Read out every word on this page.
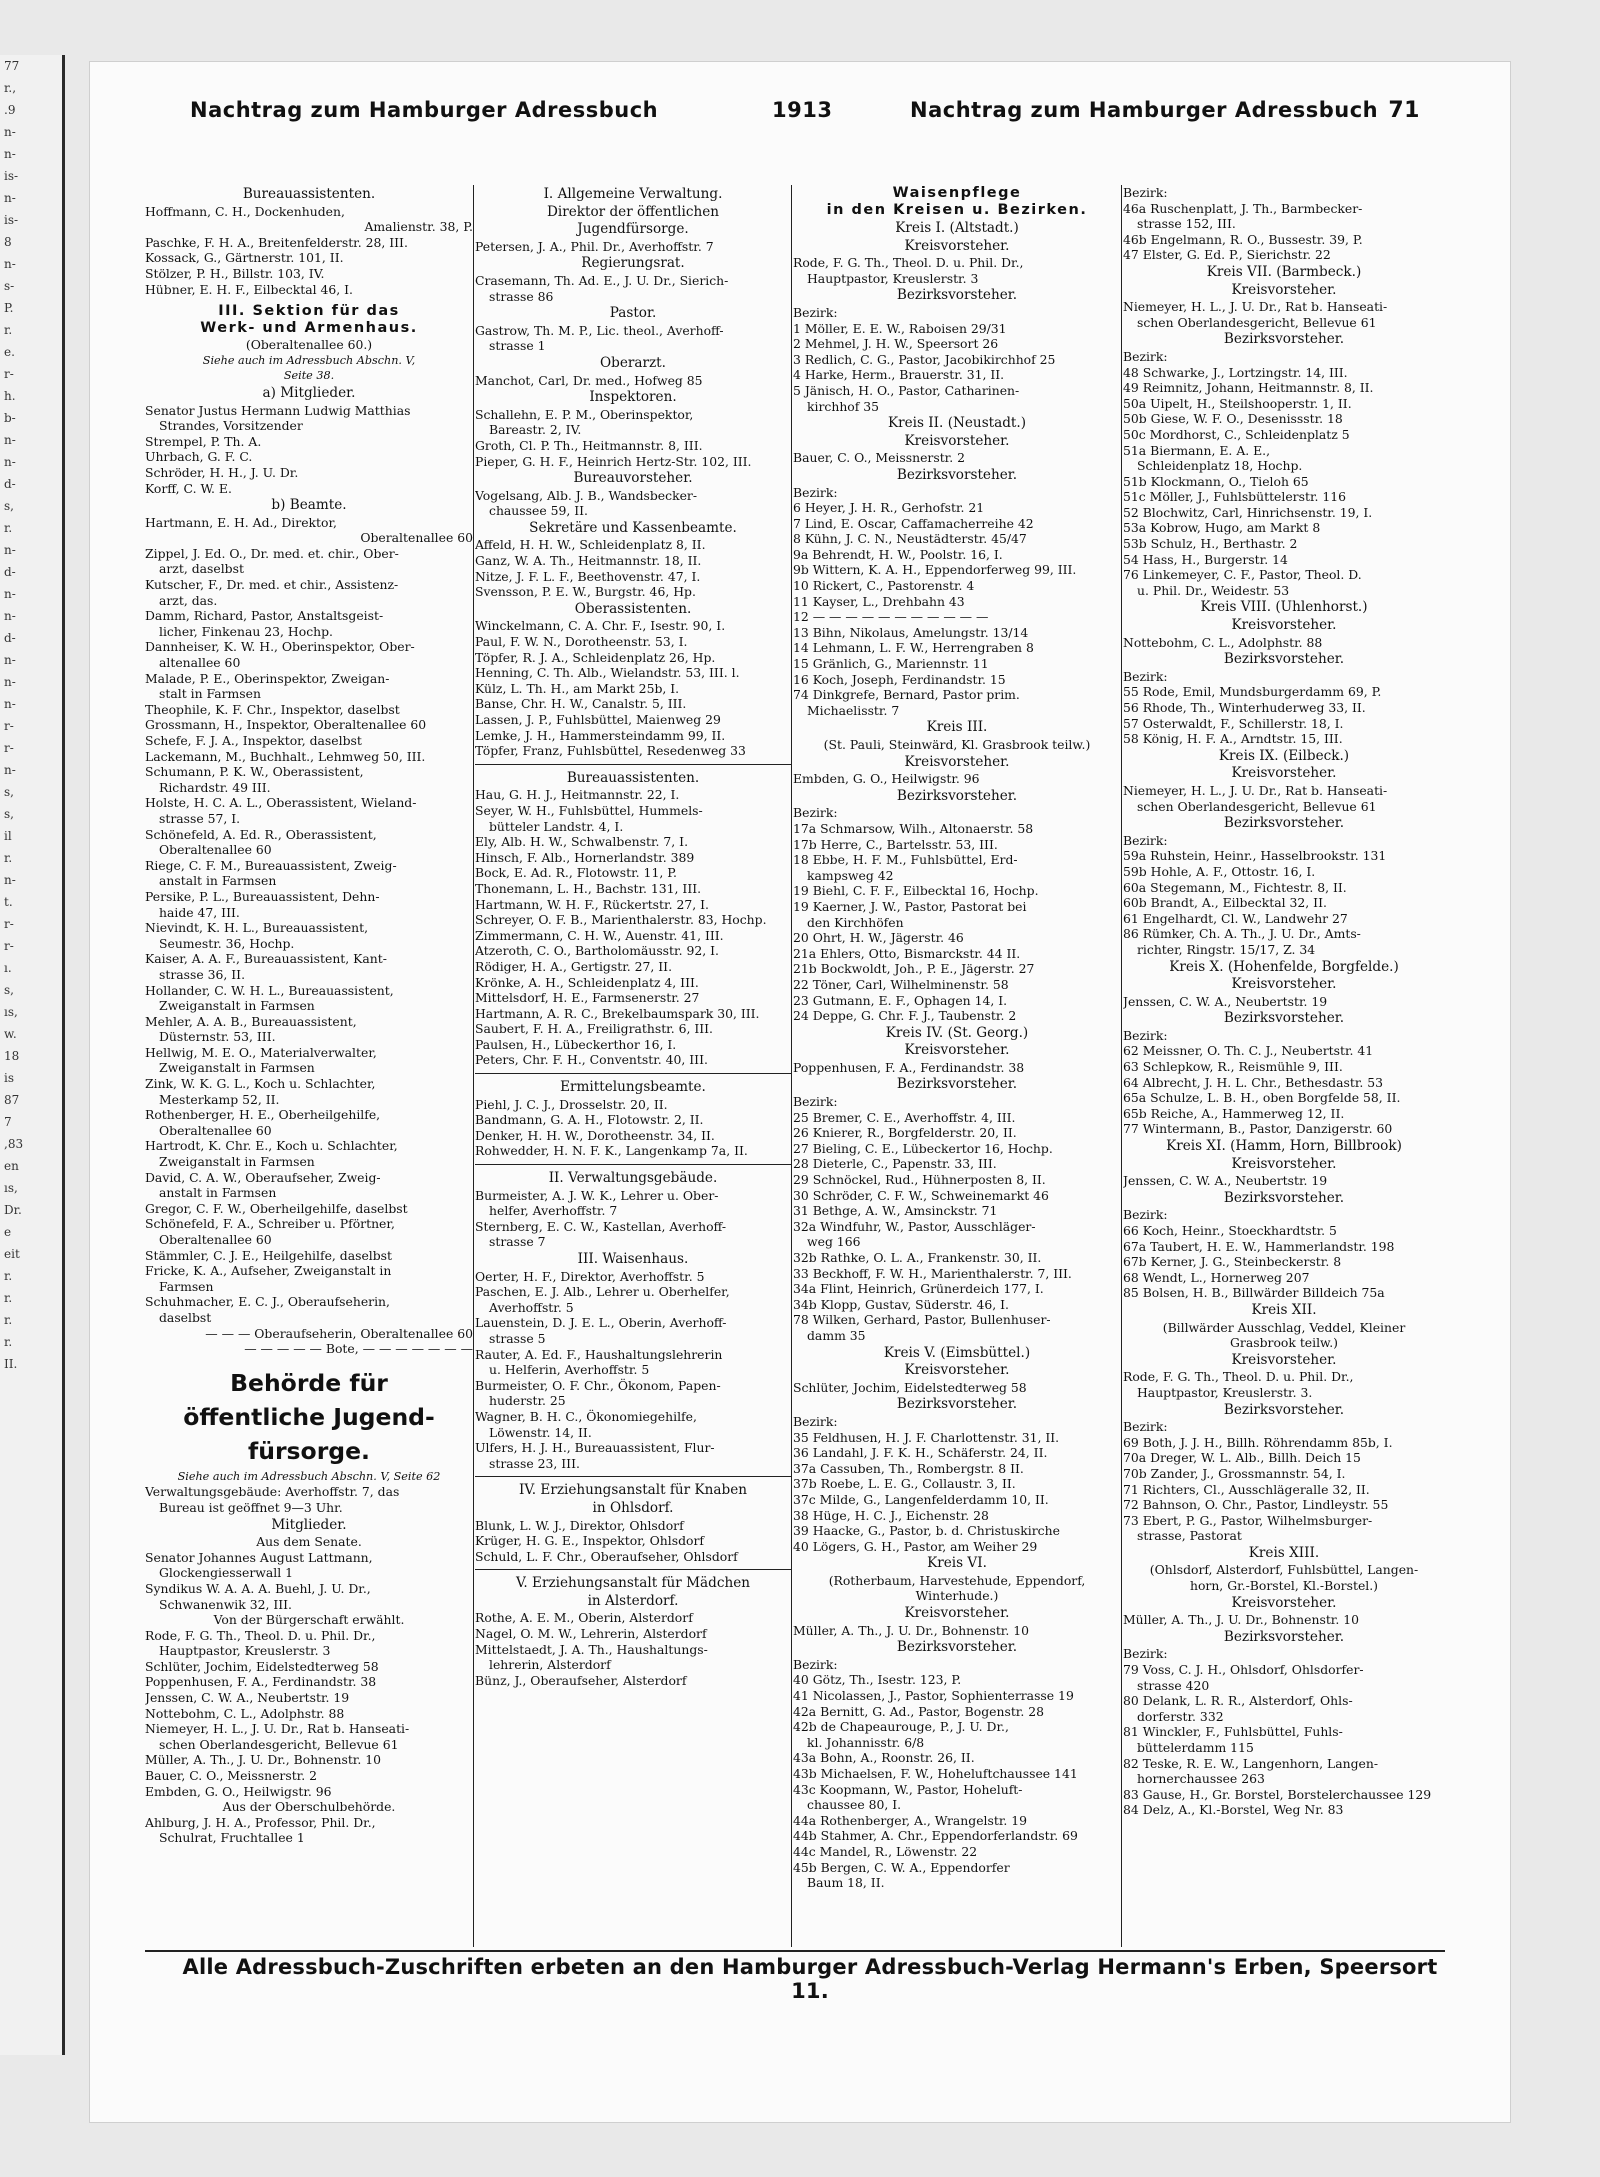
77
r.,
.9
n-
n-
is-
n-
is-
8
n-
s-
P.
r.
e.
r-
h.
b-
n-
n-
d-
s,
r.
n-
d-
n-
n-
d-
n-
n-
n-
r-
r-
n-
s,
s,
il
r.
n-
t.
r-
r-
ı.
s,
ıs,
w.
18
is
87
7
,83
en
ıs,
Dr.
e
eit
r.
r.
r.
r.
II.
Nachtrag zum Hamburger Adressbuch	1913	Nachtrag zum Hamburger Adressbuch 71
Bureauassistenten.
Hoffmann, C. H., Dockenhuden,
Amalienstr. 38, P.
Paschke, F. H. A., Breitenfelderstr. 28, III.
Kossack, G., Gärtnerstr. 101, II.
Stölzer, P. H., Billstr. 103, IV.
Hübner, E. H. F., Eilbecktal 46, I.
III. Sektion für das
Werk- und Armenhaus.
(Oberaltenallee 60.)
Siehe auch im Adressbuch Abschn. V,
Seite 38.
a) Mitglieder.
Senator Justus Hermann Ludwig Matthias
Strandes, Vorsitzender
Strempel, P. Th. A.
Uhrbach, G. F. C.
Schröder, H. H., J. U. Dr.
Korff, C. W. E.
b) Beamte.
Hartmann, E. H. Ad., Direktor,
Oberaltenallee 60
Zippel, J. Ed. O., Dr. med. et. chir., Ober-
arzt, daselbst
Kutscher, F., Dr. med. et chir., Assistenz-
arzt, das.
Damm, Richard, Pastor, Anstaltsgeist-
licher, Finkenau 23, Hochp.
Dannheiser, K. W. H., Oberinspektor, Ober-
altenallee 60
Malade, P. E., Oberinspektor, Zweigan-
stalt in Farmsen
Theophile, K. F. Chr., Inspektor, daselbst
Grossmann, H., Inspektor, Oberaltenallee 60
Schefe, F. J. A., Inspektor, daselbst
Lackemann, M., Buchhalt., Lehmweg 50, III.
Schumann, P. K. W., Oberassistent,
Richardstr. 49 III.
Holste, H. C. A. L., Oberassistent, Wieland-
strasse 57, I.
Schönefeld, A. Ed. R., Oberassistent,
Oberaltenallee 60
Riege, C. F. M., Bureauassistent, Zweig-
anstalt in Farmsen
Persike, P. L., Bureauassistent, Dehn-
haide 47, III.
Nievindt, K. H. L., Bureauassistent,
Seumestr. 36, Hochp.
Kaiser, A. A. F., Bureauassistent, Kant-
strasse 36, II.
Hollander, C. W. H. L., Bureauassistent,
Zweiganstalt in Farmsen
Mehler, A. A. B., Bureauassistent,
Düsternstr. 53, III.
Hellwig, M. E. O., Materialverwalter,
Zweiganstalt in Farmsen
Zink, W. K. G. L., Koch u. Schlachter,
Mesterkamp 52, II.
Rothenberger, H. E., Oberheilgehilfe,
Oberaltenallee 60
Hartrodt, K. Chr. E., Koch u. Schlachter,
Zweiganstalt in Farmsen
David, C. A. W., Oberaufseher, Zweig-
anstalt in Farmsen
Gregor, C. F. W., Oberheilgehilfe, daselbst
Schönefeld, F. A., Schreiber u. Pförtner,
Oberaltenallee 60
Stämmler, C. J. E., Heilgehilfe, daselbst
Fricke, K. A., Aufseher, Zweiganstalt in
Farmsen
Schuhmacher, E. C. J., Oberaufseherin,
daselbst
— — — Oberaufseherin, Oberaltenallee 60
— — — — — Bote, — — — — — — —
Behörde für
öffentliche Jugend-
fürsorge.
Siehe auch im Adressbuch Abschn. V, Seite 62
Verwaltungsgebäude: Averhoffstr. 7, das
Bureau ist geöffnet 9—3 Uhr.
Mitglieder.
Aus dem Senate.
Senator Johannes August Lattmann,
Glockengiesserwall 1
Syndikus W. A. A. A. Buehl, J. U. Dr.,
Schwanenwik 32, III.
Von der Bürgerschaft erwählt.
Rode, F. G. Th., Theol. D. u. Phil. Dr.,
Hauptpastor, Kreuslerstr. 3
Schlüter, Jochim, Eidelstedterweg 58
Poppenhusen, F. A., Ferdinandstr. 38
Jenssen, C. W. A., Neubertstr. 19
Nottebohm, C. L., Adolphstr. 88
Niemeyer, H. L., J. U. Dr., Rat b. Hanseati-
schen Oberlandesgericht, Bellevue 61
Müller, A. Th., J. U. Dr., Bohnenstr. 10
Bauer, C. O., Meissnerstr. 2
Embden, G. O., Heilwigstr. 96
Aus der Oberschulbehörde.
Ahlburg, J. H. A., Professor, Phil. Dr.,
Schulrat, Fruchtallee 1
I. Allgemeine Verwaltung.
Direktor der öffentlichen
Jugendfürsorge.
Petersen, J. A., Phil. Dr., Averhoffstr. 7
Regierungsrat.
Crasemann, Th. Ad. E., J. U. Dr., Sierich-
strasse 86
Pastor.
Gastrow, Th. M. P., Lic. theol., Averhoff-
strasse 1
Oberarzt.
Manchot, Carl, Dr. med., Hofweg 85
Inspektoren.
Schallehn, E. P. M., Oberinspektor,
Bareastr. 2, IV.
Groth, Cl. P. Th., Heitmannstr. 8, III.
Pieper, G. H. F., Heinrich Hertz-Str. 102, III.
Bureauvorsteher.
Vogelsang, Alb. J. B., Wandsbecker-
chaussee 59, II.
Sekretäre und Kassenbeamte.
Affeld, H. H. W., Schleidenplatz 8, II.
Ganz, W. A. Th., Heitmannstr. 18, II.
Nitze, J. F. L. F., Beethovenstr. 47, I.
Svensson, P. E. W., Burgstr. 46, Hp.
Oberassistenten.
Winckelmann, C. A. Chr. F., Isestr. 90, I.
Paul, F. W. N., Dorotheenstr. 53, I.
Töpfer, R. J. A., Schleidenplatz 26, Hp.
Henning, C. Th. Alb., Wielandstr. 53, III. l.
Külz, L. Th. H., am Markt 25b, I.
Banse, Chr. H. W., Canalstr. 5, III.
Lassen, J. P., Fuhlsbüttel, Maienweg 29
Lemke, J. H., Hammersteindamm 99, II.
Töpfer, Franz, Fuhlsbüttel, Resedenweg 33
Bureauassistenten.
Hau, G. H. J., Heitmannstr. 22, I.
Seyer, W. H., Fuhlsbüttel, Hummels-
bütteler Landstr. 4, I.
Ely, Alb. H. W., Schwalbenstr. 7, I.
Hinsch, F. Alb., Hornerlandstr. 389
Bock, E. Ad. R., Flotowstr. 11, P.
Thonemann, L. H., Bachstr. 131, III.
Hartmann, W. H. F., Rückertstr. 27, I.
Schreyer, O. F. B., Marienthalerstr. 83, Hochp.
Zimmermann, C. H. W., Auenstr. 41, III.
Atzeroth, C. O., Bartholomäusstr. 92, I.
Rödiger, H. A., Gertigstr. 27, II.
Krönke, A. H., Schleidenplatz 4, III.
Mittelsdorf, H. E., Farmsenerstr. 27
Hartmann, A. R. C., Brekelbaumspark 30, III.
Saubert, F. H. A., Freiligrathstr. 6, III.
Paulsen, H., Lübeckerthor 16, I.
Peters, Chr. F. H., Conventstr. 40, III.
Ermittelungsbeamte.
Piehl, J. C. J., Drosselstr. 20, II.
Bandmann, G. A. H., Flotowstr. 2, II.
Denker, H. H. W., Dorotheenstr. 34, II.
Rohwedder, H. N. F. K., Langenkamp 7a, II.
II. Verwaltungsgebäude.
Burmeister, A. J. W. K., Lehrer u. Ober-
helfer, Averhoffstr. 7
Sternberg, E. C. W., Kastellan, Averhoff-
strasse 7
III. Waisenhaus.
Oerter, H. F., Direktor, Averhoffstr. 5
Paschen, E. J. Alb., Lehrer u. Oberhelfer,
Averhoffstr. 5
Lauenstein, D. J. E. L., Oberin, Averhoff-
strasse 5
Rauter, A. Ed. F., Haushaltungslehrerin
u. Helferin, Averhoffstr. 5
Burmeister, O. F. Chr., Ökonom, Papen-
huderstr. 25
Wagner, B. H. C., Ökonomiegehilfe,
Löwenstr. 14, II.
Ulfers, H. J. H., Bureauassistent, Flur-
strasse 23, III.
IV. Erziehungsanstalt für Knaben
in Ohlsdorf.
Blunk, L. W. J., Direktor, Ohlsdorf
Krüger, H. G. E., Inspektor, Ohlsdorf
Schuld, L. F. Chr., Oberaufseher, Ohlsdorf
V. Erziehungsanstalt für Mädchen
in Alsterdorf.
Rothe, A. E. M., Oberin, Alsterdorf
Nagel, O. M. W., Lehrerin, Alsterdorf
Mittelstaedt, J. A. Th., Haushaltungs-
lehrerin, Alsterdorf
Bünz, J., Oberaufseher, Alsterdorf
Waisenpflege
in den Kreisen u. Bezirken.
Kreis I. (Altstadt.)
Kreisvorsteher.
Rode, F. G. Th., Theol. D. u. Phil. Dr.,
Hauptpastor, Kreuslerstr. 3
Bezirksvorsteher.
Bezirk:
1 Möller, E. E. W., Raboisen 29/31
2 Mehmel, J. H. W., Speersort 26
3 Redlich, C. G., Pastor, Jacobikirchhof 25
4 Harke, Herm., Brauerstr. 31, II.
5 Jänisch, H. O., Pastor, Catharinen-
kirchhof 35
Kreis II. (Neustadt.)
Kreisvorsteher.
Bauer, C. O., Meissnerstr. 2
Bezirksvorsteher.
Bezirk:
6 Heyer, J. H. R., Gerhofstr. 21
7 Lind, E. Oscar, Caffamacherreihe 42
8 Kühn, J. C. N., Neustädterstr. 45/47
9a Behrendt, H. W., Poolstr. 16, I.
9b Wittern, K. A. H., Eppendorferweg 99, III.
10 Rickert, C., Pastorenstr. 4
11 Kayser, L., Drehbahn 43
12 — — — — — — — — — — —
13 Bihn, Nikolaus, Amelungstr. 13/14
14 Lehmann, L. F. W., Herrengraben 8
15 Gränlich, G., Mariennstr. 11
16 Koch, Joseph, Ferdinandstr. 15
74 Dinkgrefe, Bernard, Pastor prim.
Michaelisstr. 7
Kreis III.
(St. Pauli, Steinwärd, Kl. Grasbrook teilw.)
Kreisvorsteher.
Embden, G. O., Heilwigstr. 96
Bezirksvorsteher.
Bezirk:
17a Schmarsow, Wilh., Altonaerstr. 58
17b Herre, C., Bartelsstr. 53, III.
18 Ebbe, H. F. M., Fuhlsbüttel, Erd-
kampsweg 42
19 Biehl, C. F. F., Eilbecktal 16, Hochp.
19 Kaerner, J. W., Pastor, Pastorat bei
den Kirchhöfen
20 Ohrt, H. W., Jägerstr. 46
21a Ehlers, Otto, Bismarckstr. 44 II.
21b Bockwoldt, Joh., P. E., Jägerstr. 27
22 Töner, Carl, Wilhelminenstr. 58
23 Gutmann, E. F., Ophagen 14, I.
24 Deppe, G. Chr. F. J., Taubenstr. 2
Kreis IV. (St. Georg.)
Kreisvorsteher.
Poppenhusen, F. A., Ferdinandstr. 38
Bezirksvorsteher.
Bezirk:
25 Bremer, C. E., Averhoffstr. 4, III.
26 Knierer, R., Borgfelderstr. 20, II.
27 Bieling, C. E., Lübeckertor 16, Hochp.
28 Dieterle, C., Papenstr. 33, III.
29 Schnöckel, Rud., Hühnerposten 8, II.
30 Schröder, C. F. W., Schweinemarkt 46
31 Bethge, A. W., Amsinckstr. 71
32a Windfuhr, W., Pastor, Ausschläger-
weg 166
32b Rathke, O. L. A., Frankenstr. 30, II.
33 Beckhoff, F. W. H., Marienthalerstr. 7, III.
34a Flint, Heinrich, Grünerdeich 177, I.
34b Klopp, Gustav, Süderstr. 46, I.
78 Wilken, Gerhard, Pastor, Bullenhuser-
damm 35
Kreis V. (Eimsbüttel.)
Kreisvorsteher.
Schlüter, Jochim, Eidelstedterweg 58
Bezirksvorsteher.
Bezirk:
35 Feldhusen, H. J. F. Charlottenstr. 31, II.
36 Landahl, J. F. K. H., Schäferstr. 24, II.
37a Cassuben, Th., Rombergstr. 8 II.
37b Roebe, L. E. G., Collaustr. 3, II.
37c Milde, G., Langenfelderdamm 10, II.
38 Hüge, H. C. J., Eichenstr. 28
39 Haacke, G., Pastor, b. d. Christuskirche
40 Lögers, G. H., Pastor, am Weiher 29
Kreis VI.
(Rotherbaum, Harvestehude, Eppendorf,
Winterhude.)
Kreisvorsteher.
Müller, A. Th., J. U. Dr., Bohnenstr. 10
Bezirksvorsteher.
Bezirk:
40 Götz, Th., Isestr. 123, P.
41 Nicolassen, J., Pastor, Sophienterrasse 19
42a Bernitt, G. Ad., Pastor, Bogenstr. 28
42b de Chapeaurouge, P., J. U. Dr.,
kl. Johannisstr. 6/8
43a Bohn, A., Roonstr. 26, II.
43b Michaelsen, F. W., Hoheluftchaussee 141
43c Koopmann, W., Pastor, Hoheluft-
chaussee 80, I.
44a Rothenberger, A., Wrangelstr. 19
44b Stahmer, A. Chr., Eppendorferlandstr. 69
44c Mandel, R., Löwenstr. 22
45b Bergen, C. W. A., Eppendorfer
Baum 18, II.
Bezirk:
46a Ruschenplatt, J. Th., Barmbecker-
strasse 152, III.
46b Engelmann, R. O., Bussestr. 39, P.
47 Elster, G. Ed. P., Sierichstr. 22
Kreis VII. (Barmbeck.)
Kreisvorsteher.
Niemeyer, H. L., J. U. Dr., Rat b. Hanseati-
schen Oberlandesgericht, Bellevue 61
Bezirksvorsteher.
Bezirk:
48 Schwarke, J., Lortzingstr. 14, III.
49 Reimnitz, Johann, Heitmannstr. 8, II.
50a Uipelt, H., Steilshooperstr. 1, II.
50b Giese, W. F. O., Desenissstr. 18
50c Mordhorst, C., Schleidenplatz 5
51a Biermann, E. A. E.,
Schleidenplatz 18, Hochp.
51b Klockmann, O., Tieloh 65
51c Möller, J., Fuhlsbüttelerstr. 116
52 Blochwitz, Carl, Hinrichsenstr. 19, I.
53a Kobrow, Hugo, am Markt 8
53b Schulz, H., Berthastr. 2
54 Hass, H., Burgerstr. 14
76 Linkemeyer, C. F., Pastor, Theol. D.
u. Phil. Dr., Weidestr. 53
Kreis VIII. (Uhlenhorst.)
Kreisvorsteher.
Nottebohm, C. L., Adolphstr. 88
Bezirksvorsteher.
Bezirk:
55 Rode, Emil, Mundsburgerdamm 69, P.
56 Rhode, Th., Winterhuderweg 33, II.
57 Osterwaldt, F., Schillerstr. 18, I.
58 König, H. F. A., Arndtstr. 15, III.
Kreis IX. (Eilbeck.)
Kreisvorsteher.
Niemeyer, H. L., J. U. Dr., Rat b. Hanseati-
schen Oberlandesgericht, Bellevue 61
Bezirksvorsteher.
Bezirk:
59a Ruhstein, Heinr., Hasselbrookstr. 131
59b Hohle, A. F., Ottostr. 16, I.
60a Stegemann, M., Fichtestr. 8, II.
60b Brandt, A., Eilbecktal 32, II.
61 Engelhardt, Cl. W., Landwehr 27
86 Rümker, Ch. A. Th., J. U. Dr., Amts-
richter, Ringstr. 15/17, Z. 34
Kreis X. (Hohenfelde, Borgfelde.)
Kreisvorsteher.
Jenssen, C. W. A., Neubertstr. 19
Bezirksvorsteher.
Bezirk:
62 Meissner, O. Th. C. J., Neubertstr. 41
63 Schlepkow, R., Reismühle 9, III.
64 Albrecht, J. H. L. Chr., Bethesdastr. 53
65a Schulze, L. B. H., oben Borgfelde 58, II.
65b Reiche, A., Hammerweg 12, II.
77 Wintermann, B., Pastor, Danzigerstr. 60
Kreis XI. (Hamm, Horn, Billbrook)
Kreisvorsteher.
Jenssen, C. W. A., Neubertstr. 19
Bezirksvorsteher.
Bezirk:
66 Koch, Heinr., Stoeckhardtstr. 5
67a Taubert, H. E. W., Hammerlandstr. 198
67b Kerner, J. G., Steinbeckerstr. 8
68 Wendt, L., Hornerweg 207
85 Bolsen, H. B., Billwärder Billdeich 75a
Kreis XII.
(Billwärder Ausschlag, Veddel, Kleiner
Grasbrook teilw.)
Kreisvorsteher.
Rode, F. G. Th., Theol. D. u. Phil. Dr.,
Hauptpastor, Kreuslerstr. 3.
Bezirksvorsteher.
Bezirk:
69 Both, J. J. H., Billh. Röhrendamm 85b, I.
70a Dreger, W. L. Alb., Billh. Deich 15
70b Zander, J., Grossmannstr. 54, I.
71 Richters, Cl., Ausschlägeralle 32, II.
72 Bahnson, O. Chr., Pastor, Lindleystr. 55
73 Ebert, P. G., Pastor, Wilhelmsburger-
strasse, Pastorat
Kreis XIII.
(Ohlsdorf, Alsterdorf, Fuhlsbüttel, Langen-
horn, Gr.-Borstel, Kl.-Borstel.)
Kreisvorsteher.
Müller, A. Th., J. U. Dr., Bohnenstr. 10
Bezirksvorsteher.
Bezirk:
79 Voss, C. J. H., Ohlsdorf, Ohlsdorfer-
strasse 420
80 Delank, L. R. R., Alsterdorf, Ohls-
dorferstr. 332
81 Winckler, F., Fuhlsbüttel, Fuhls-
büttelerdamm 115
82 Teske, R. E. W., Langenhorn, Langen-
hornerchaussee 263
83 Gause, H., Gr. Borstel, Borstelerchaussee 129
84 Delz, A., Kl.-Borstel, Weg Nr. 83
Alle Adressbuch-Zuschriften erbeten an den Hamburger Adressbuch-Verlag Hermann's Erben, Speersort 11.
